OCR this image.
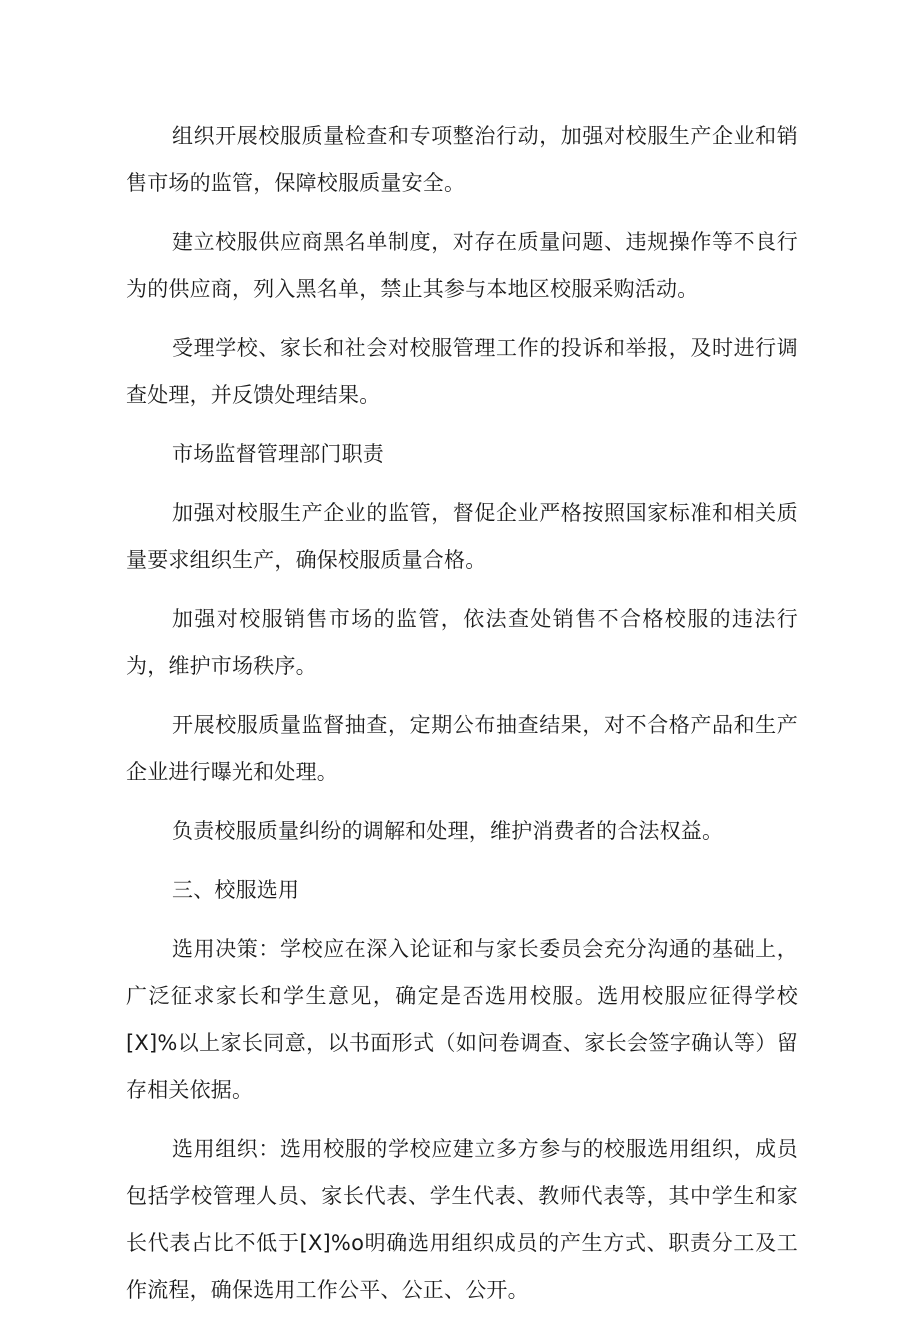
组织开展校服质量检查和专项整治行动，加强对校服生产企业和销售市场的监管，保障校服质量安全。

建立校服供应商黑名单制度，对存在质量问题、违规操作等不良行为的供应商，列入黑名单，禁止其参与本地区校服采购活动。

受理学校、家长和社会对校服管理工作的投诉和举报，及时进行调查处理，并反馈处理结果。

市场监督管理部门职责

加强对校服生产企业的监管，督促企业严格按照国家标准和相关质量要求组织生产，确保校服质量合格。

加强对校服销售市场的监管，依法查处销售不合格校服的违法行为，维护市场秩序。

开展校服质量监督抽查，定期公布抽查结果，对不合格产品和生产企业进行曝光和处理。

负责校服质量纠纷的调解和处理，维护消费者的合法权益。

三、校服选用

选用决策：学校应在深入论证和与家长委员会充分沟通的基础上，广泛征求家长和学生意见，确定是否选用校服。选用校服应征得学校[X]%以上家长同意，以书面形式（如问卷调查、家长会签字确认等）留存相关依据。

选用组织：选用校服的学校应建立多方参与的校服选用组织，成员包括学校管理人员、家长代表、学生代表、教师代表等，其中学生和家长代表占比不低于[X]%o明确选用组织成员的产生方式、职责分工及工作流程，确保选用工作公平、公正、公开。
